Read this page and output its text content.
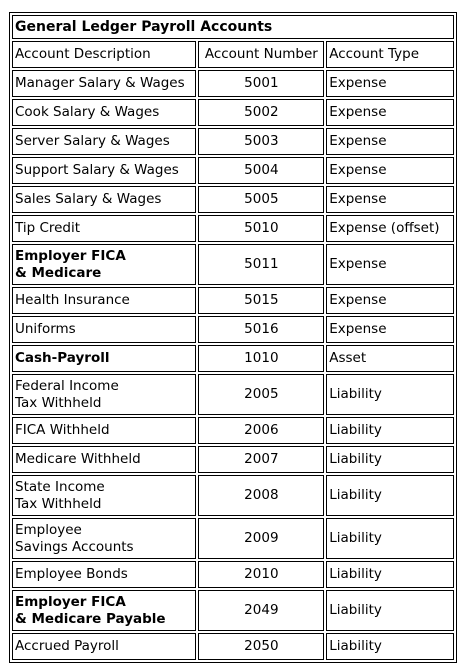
General Ledger Payroll Accounts		
Account Description	Account Number	Account Type
Manager Salary & Wages	5001	Expense
Cook Salary & Wages	5002	Expense
Server Salary & Wages	5003	Expense
Support Salary & Wages	5004	Expense
Sales Salary & Wages	5005	Expense
Tip Credit	5010	Expense (offset)
Employer FICA
& Medicare	5011	Expense
Health Insurance	5015	Expense
Uniforms	5016	Expense
Cash-Payroll	1010	Asset
Federal Income
Tax Withheld	2005	Liability
FICA Withheld	2006	Liability
Medicare Withheld	2007	Liability
State Income
Tax Withheld	2008	Liability
Employee
Savings Accounts	2009	Liability
Employee Bonds	2010	Liability
Employer FICA
& Medicare Payable	2049	Liability
Accrued Payroll	2050	Liability
